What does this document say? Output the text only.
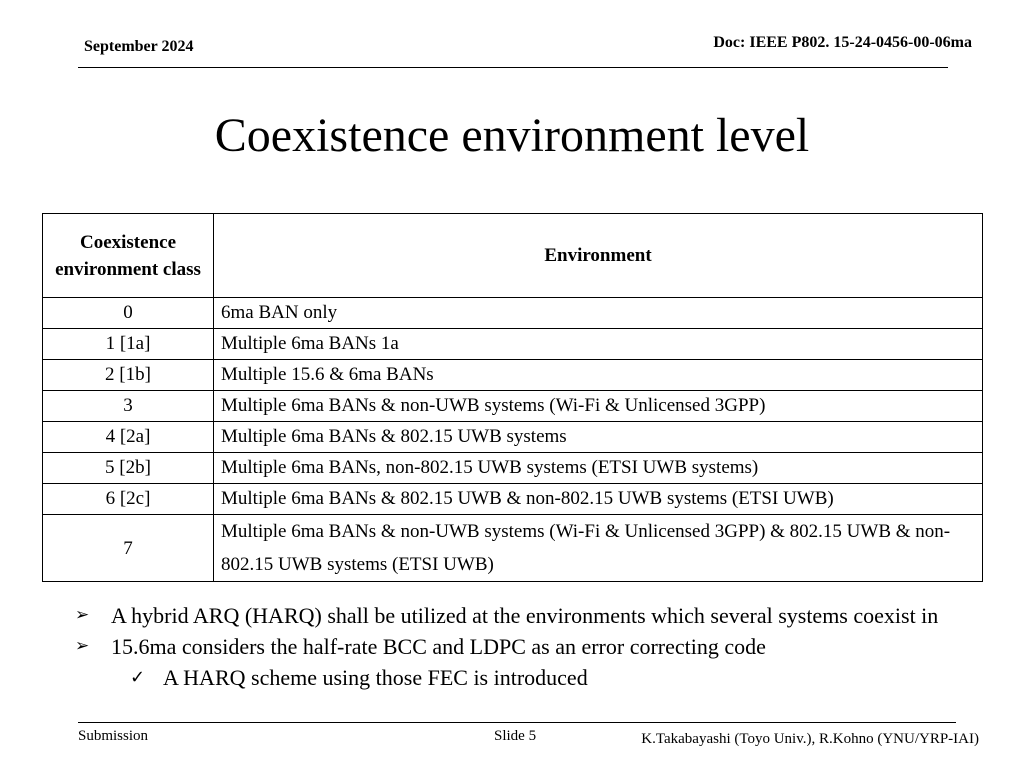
September 2024	Doc: IEEE P802. 15-24-0456-00-06ma
Coexistence environment level
Coexistence environment class	Environment
0	6ma BAN only
1 [1a]	Multiple 6ma BANs 1a
2 [1b]	Multiple 15.6 & 6ma BANs
3	Multiple 6ma BANs & non-UWB systems (Wi-Fi & Unlicensed 3GPP)
4 [2a]	Multiple 6ma BANs & 802.15 UWB systems
5 [2b]	Multiple 6ma BANs, non-802.15 UWB systems (ETSI UWB systems)
6 [2c]	Multiple 6ma BANs & 802.15 UWB & non-802.15 UWB systems (ETSI UWB)
7	Multiple 6ma BANs & non-UWB systems (Wi-Fi & Unlicensed 3GPP) & 802.15 UWB & non-802.15 UWB systems (ETSI UWB)
➢ A hybrid ARQ (HARQ) shall be utilized at the environments which several systems coexist in
➢ 15.6ma considers the half-rate BCC and LDPC as an error correcting code
✓ A HARQ scheme using those FEC is introduced
Submission	Slide 5	K.Takabayashi (Toyo Univ.), R.Kohno (YNU/YRP-IAI)
